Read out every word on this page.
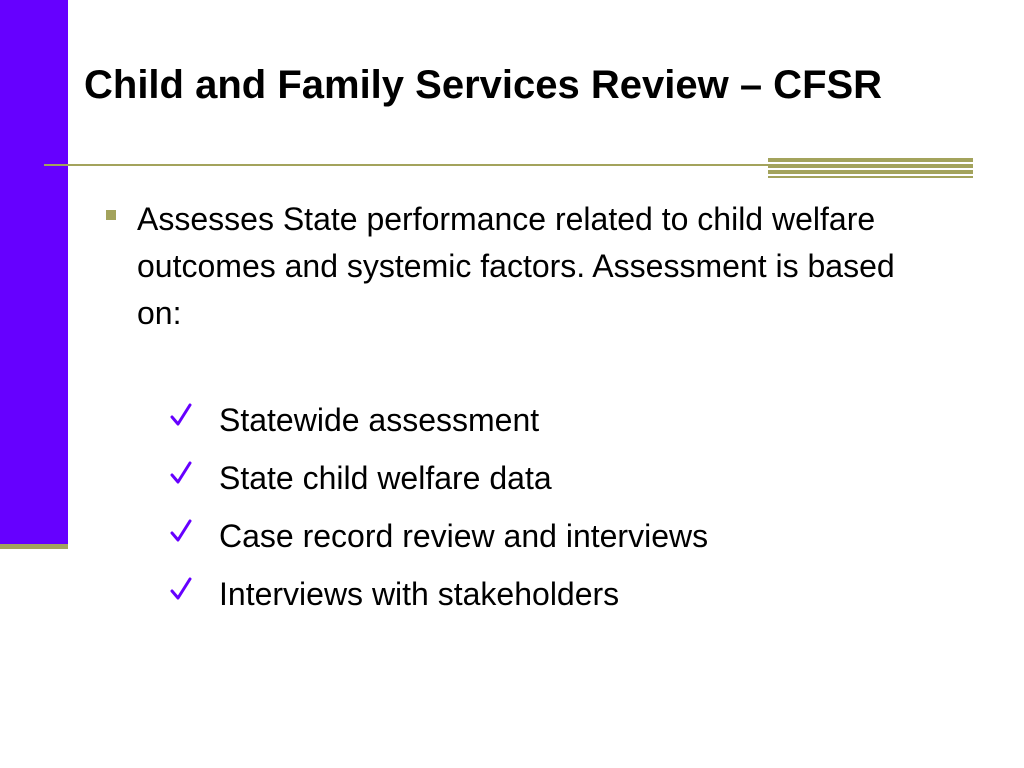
Child and Family Services Review – CFSR
Assesses State performance related to child welfare outcomes and systemic factors. Assessment is based on:
Statewide assessment
State child welfare data
Case record review and interviews
Interviews with stakeholders
